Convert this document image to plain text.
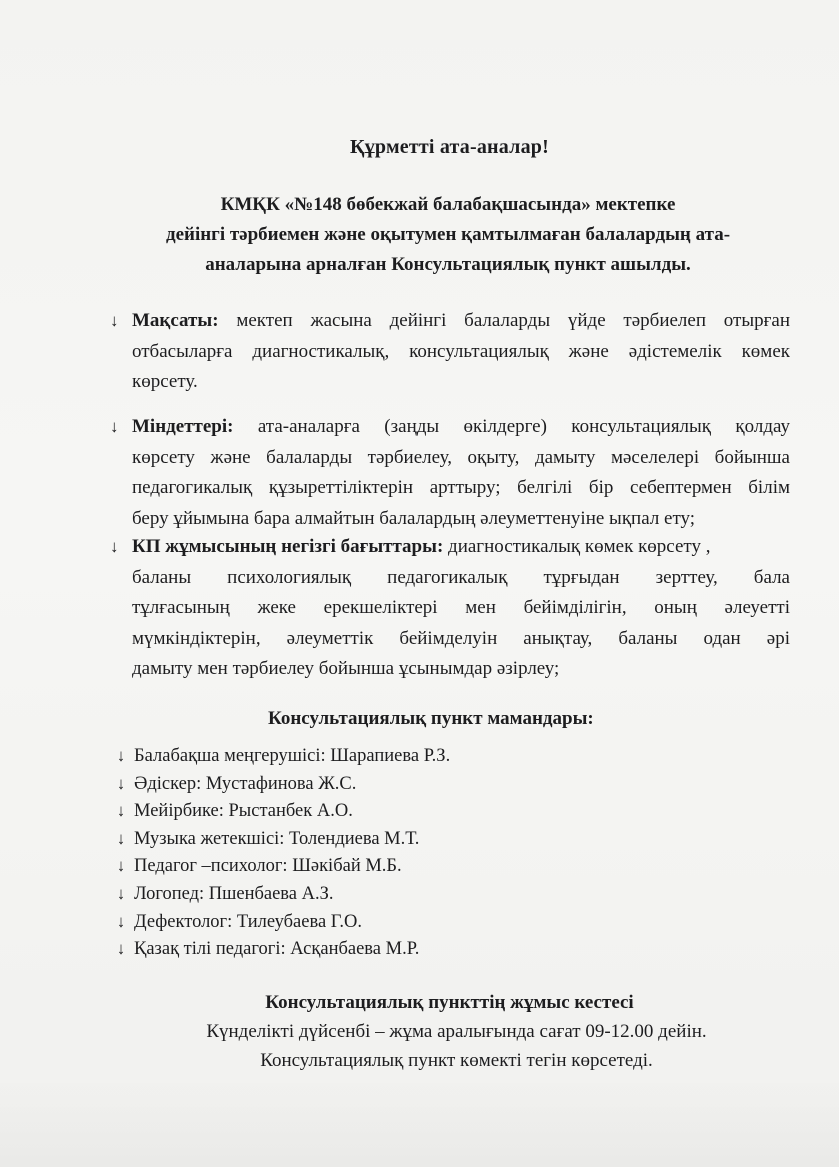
Құрметті ата-аналар!
КМҚК «№148 бөбекжай балабақшасында» мектепке
дейінгі тәрбиемен және оқытумен қамтылмаған балалардың ата-
аналарына арналған Консультациялық пункт ашылды.
↓ Мақсаты: мектеп жасына дейінгі балаларды үйде тәрбиелеп отырған
отбасыларға диагностикалық, консультациялық және әдістемелік көмек
көрсету.
↓ Міндеттері: ата-аналарға (заңды өкілдерге) консультациялық қолдау
көрсету және балаларды тәрбиелеу, оқыту, дамыту мәселелері бойынша
педагогикалық құзыреттіліктерін арттыру; белгілі бір себептермен білім
беру ұйымына бара алмайтын балалардың әлеуметтенуіне ықпал ету;
↓ КП жұмысының негізгі бағыттары: диагностикалық көмек көрсету ,
баланы психологиялық педагогикалық тұрғыдан зерттеу, бала
тұлғасының жеке ерекшеліктері мен бейімділігін, оның әлеуетті
мүмкіндіктерін, әлеуметтік бейімделуін анықтау, баланы одан әрі
дамыту мен тәрбиелеу бойынша ұсынымдар әзірлеу;
Консультациялық пункт мамандары:
↓ Балабақша меңгерушісі: Шарапиева Р.З.
↓ Әдіскер: Мустафинова Ж.С.
↓ Мейірбике: Рыстанбек А.О.
↓ Музыка жетекшісі: Толендиева М.Т.
↓ Педагог –психолог: Шәкібай М.Б.
↓ Логопед: Пшенбаева А.З.
↓ Дефектолог: Тилеубаева Г.О.
↓ Қазақ тілі педагогі: Асқанбаева М.Р.
Консультациялық пункттің жұмыс кестесі
Күнделікті дүйсенбі – жұма аралығында сағат 09-12.00 дейін.
Консультациялық пункт көмекті тегін көрсетеді.
